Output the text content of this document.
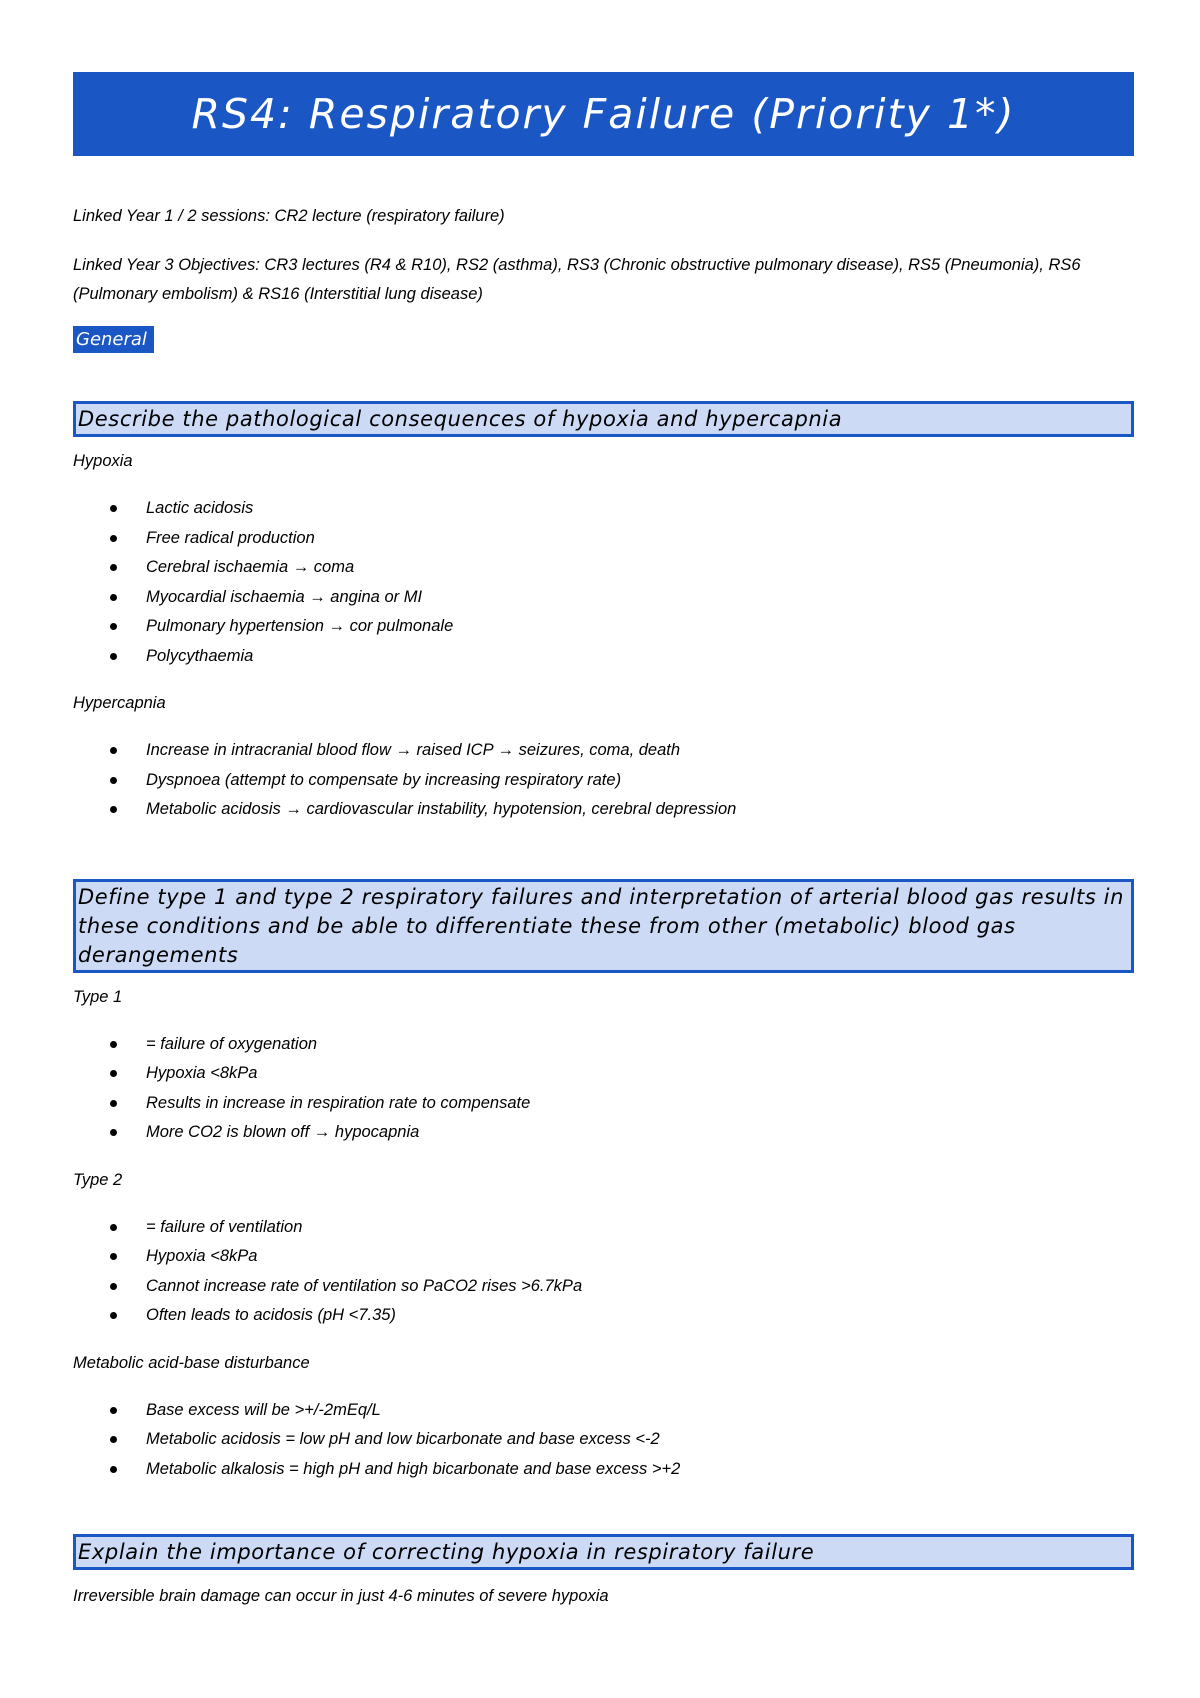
RS4: Respiratory Failure (Priority 1*)

Linked Year 1 / 2 sessions: CR2 lecture (respiratory failure)

Linked Year 3 Objectives: CR3 lectures (R4 & R10), RS2 (asthma), RS3 (Chronic obstructive pulmonary disease), RS5 (Pneumonia), RS6 (Pulmonary embolism) & RS16 (Interstitial lung disease)

General
Describe the pathological consequences of hypoxia and hypercapnia

Hypoxia

Lactic acidosis
Free radical production
Cerebral ischaemia → coma
Myocardial ischaemia → angina or MI
Pulmonary hypertension → cor pulmonale
Polycythaemia

Hypercapnia

Increase in intracranial blood flow → raised ICP → seizures, coma, death
Dyspnoea (attempt to compensate by increasing respiratory rate)
Metabolic acidosis → cardiovascular instability, hypotension, cerebral depression
Define type 1 and type 2 respiratory failures and interpretation of arterial blood gas results in these conditions and be able to differentiate these from other (metabolic) blood gas derangements

Type 1

= failure of oxygenation
Hypoxia <8kPa
Results in increase in respiration rate to compensate
More CO2 is blown off → hypocapnia

Type 2

= failure of ventilation
Hypoxia <8kPa
Cannot increase rate of ventilation so PaCO2 rises >6.7kPa
Often leads to acidosis (pH <7.35)

Metabolic acid-base disturbance

Base excess will be >+/-2mEq/L
Metabolic acidosis = low pH and low bicarbonate and base excess <-2
Metabolic alkalosis = high pH and high bicarbonate and base excess >+2
Explain the importance of correcting hypoxia in respiratory failure

Irreversible brain damage can occur in just 4-6 minutes of severe hypoxia
